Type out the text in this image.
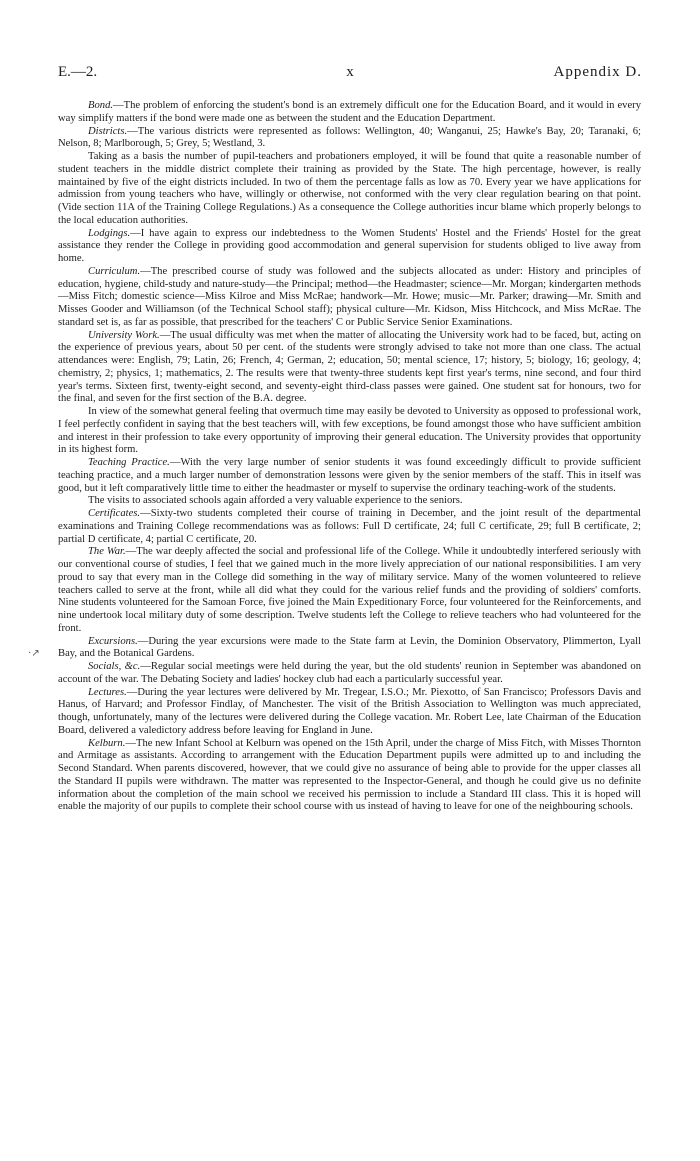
E.—2.	x	Appendix D.
·↗

Bond.—The problem of enforcing the student's bond is an extremely difficult one for the Education Board, and it would in every way simplify matters if the bond were made one as between the student and the Education Department.

Districts.—The various districts were represented as follows: Wellington, 40; Wanganui, 25; Hawke's Bay, 20; Taranaki, 6; Nelson, 8; Marlborough, 5; Grey, 5; Westland, 3.

Taking as a basis the number of pupil-teachers and probationers employed, it will be found that quite a reasonable number of student teachers in the middle district complete their training as provided by the State. The high percentage, however, is really maintained by five of the eight districts included. In two of them the percentage falls as low as 70. Every year we have applications for admission from young teachers who have, willingly or otherwise, not conformed with the very clear regulation bearing on that point. (Vide section 11A of the Training College Regulations.) As a consequence the College authorities incur blame which properly belongs to the local education authorities.

Lodgings.—I have again to express our indebtedness to the Women Students' Hostel and the Friends' Hostel for the great assistance they render the College in providing good accommodation and general supervision for students obliged to live away from home.

Curriculum.—The prescribed course of study was followed and the subjects allocated as under: History and principles of education, hygiene, child-study and nature-study—the Principal; method—the Headmaster; science—Mr. Morgan; kindergarten methods—Miss Fitch; domestic science—Miss Kilroe and Miss McRae; handwork—Mr. Howe; music—Mr. Parker; drawing—Mr. Smith and Misses Gooder and Williamson (of the Technical School staff); physical culture—Mr. Kidson, Miss Hitchcock, and Miss McRae. The standard set is, as far as possible, that prescribed for the teachers' C or Public Service Senior Examinations.

University Work.—The usual difficulty was met when the matter of allocating the University work had to be faced, but, acting on the experience of previous years, about 50 per cent. of the students were strongly advised to take not more than one class. The actual attendances were: English, 79; Latin, 26; French, 4; German, 2; education, 50; mental science, 17; history, 5; biology, 16; geology, 4; chemistry, 2; physics, 1; mathematics, 2. The results were that twenty-three students kept first year's terms, nine second, and four third year's terms. Sixteen first, twenty-eight second, and seventy-eight third-class passes were gained. One student sat for honours, two for the final, and seven for the first section of the B.A. degree.

In view of the somewhat general feeling that overmuch time may easily be devoted to University as opposed to professional work, I feel perfectly confident in saying that the best teachers will, with few exceptions, be found amongst those who have sufficient ambition and interest in their profession to take every opportunity of improving their general education. The University provides that opportunity in its highest form.

Teaching Practice.—With the very large number of senior students it was found exceedingly difficult to provide sufficient teaching practice, and a much larger number of demonstration lessons were given by the senior members of the staff. This in itself was good, but it left comparatively little time to either the headmaster or myself to supervise the ordinary teaching-work of the students.

The visits to associated schools again afforded a very valuable experience to the seniors.

Certificates.—Sixty-two students completed their course of training in December, and the joint result of the departmental examinations and Training College recommendations was as follows: Full D certificate, 24; full C certificate, 29; full B certificate, 2; partial D certificate, 4; partial C certificate, 20.

The War.—The war deeply affected the social and professional life of the College. While it undoubtedly interfered seriously with our conventional course of studies, I feel that we gained much in the more lively appreciation of our national responsibilities. I am very proud to say that every man in the College did something in the way of military service. Many of the women volunteered to relieve teachers called to serve at the front, while all did what they could for the various relief funds and the providing of soldiers' comforts. Nine students volunteered for the Samoan Force, five joined the Main Expeditionary Force, four volunteered for the Reinforcements, and nine undertook local military duty of some description. Twelve students left the College to relieve teachers who had volunteered for the front.

Excursions.—During the year excursions were made to the State farm at Levin, the Dominion Observatory, Plimmerton, Lyall Bay, and the Botanical Gardens.

Socials, &c.—Regular social meetings were held during the year, but the old students' reunion in September was abandoned on account of the war. The Debating Society and ladies' hockey club had each a particularly successful year.

Lectures.—During the year lectures were delivered by Mr. Tregear, I.S.O.; Mr. Piexotto, of San Francisco; Professors Davis and Hanus, of Harvard; and Professor Findlay, of Manchester. The visit of the British Association to Wellington was much appreciated, though, unfortunately, many of the lectures were delivered during the College vacation. Mr. Robert Lee, late Chairman of the Education Board, delivered a valedictory address before leaving for England in June.

Kelburn.—The new Infant School at Kelburn was opened on the 15th April, under the charge of Miss Fitch, with Misses Thornton and Armitage as assistants. According to arrangement with the Education Department pupils were admitted up to and including the Second Standard. When parents discovered, however, that we could give no assurance of being able to provide for the upper classes all the Standard II pupils were withdrawn. The matter was represented to the Inspector-General, and though he could give us no definite information about the completion of the main school we received his permission to include a Standard III class. This it is hoped will enable the majority of our pupils to complete their school course with us instead of having to leave for one of the neighbouring schools.
